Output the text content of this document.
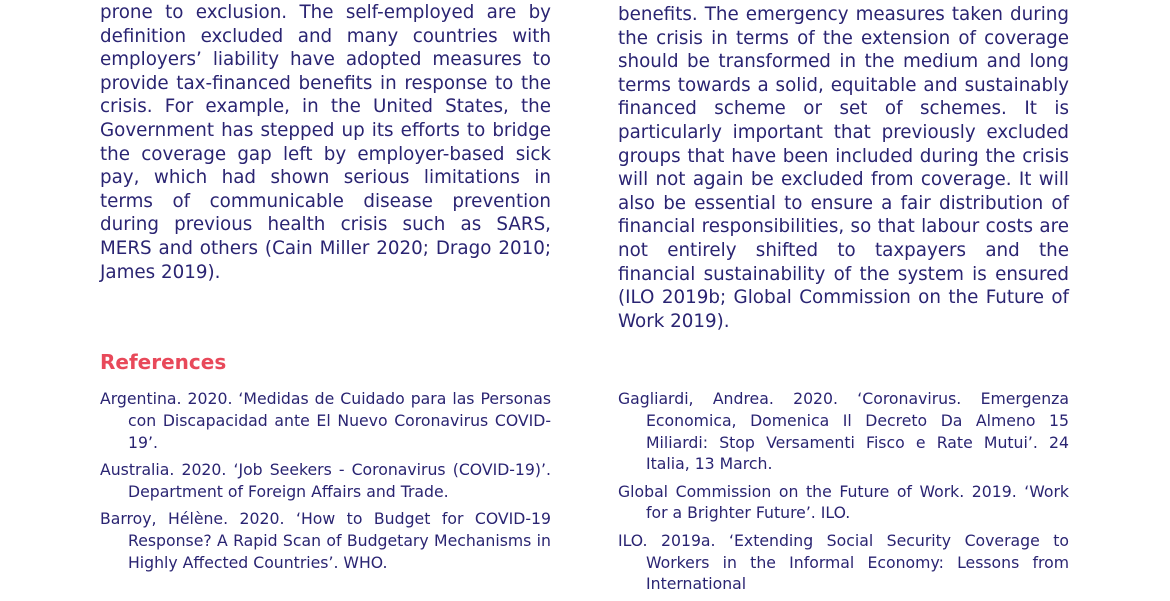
prone to exclusion. The self-employed are by definition excluded and many countries with employers’ liability have adopted measures to provide tax-financed benefits in response to the crisis. For example, in the United States, the Government has stepped up its efforts to bridge the coverage gap left by employer-based sick pay, which had shown serious limitations in terms of communicable disease prevention during previous health crisis such as SARS, MERS and others (Cain Miller 2020; Drago 2010; James 2019).

benefits. The emergency measures taken during the crisis in terms of the extension of coverage should be transformed in the medium and long terms towards a solid, equitable and sustainably financed scheme or set of schemes. It is particularly important that previously excluded groups that have been included during the crisis will not again be excluded from coverage. It will also be essential to ensure a fair distribution of financial responsibilities, so that labour costs are not entirely shifted to taxpayers and the financial sustainability of the system is ensured (ILO 2019b; Global Commission on the Future of Work 2019).

References
Argentina. 2020. ‘Medidas de Cuidado para las Personas con Discapacidad ante El Nuevo Coronavirus COVID-19’.
Australia. 2020. ‘Job Seekers - Coronavirus (COVID-19)’. Department of Foreign Affairs and Trade.
Barroy, Hélène. 2020. ‘How to Budget for COVID-19 Response? A Rapid Scan of Budgetary Mechanisms in Highly Affected Countries’. WHO.
Gagliardi, Andrea. 2020. ‘Coronavirus. Emergenza Economica, Domenica Il Decreto Da Almeno 15 Miliardi: Stop Versamenti Fisco e Rate Mutui’. 24 Italia, 13 March.
Global Commission on the Future of Work. 2019. ‘Work for a Brighter Future’. ILO.
ILO. 2019a. ‘Extending Social Security Coverage to Workers in the Informal Economy: Lessons from International
